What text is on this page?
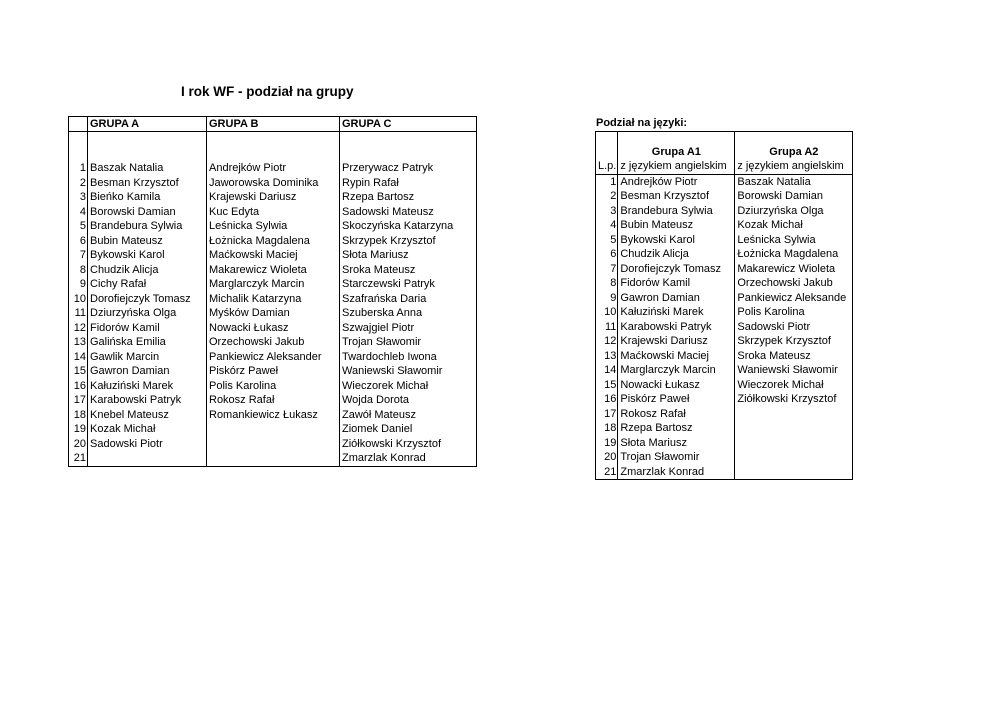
I rok WF - podział na grupy
	GRUPA A	GRUPA B	GRUPA C

1	Baszak Natalia	Andrejków Piotr	Przerywacz Patryk
2	Besman Krzysztof	Jaworowska Dominika	Rypin Rafał
3	Bieńko Kamila	Krajewski Dariusz	Rzepa Bartosz
4	Borowski Damian	Kuc Edyta	Sadowski Mateusz
5	Brandebura Sylwia	Leśnicka Sylwia	Skoczyńska Katarzyna
6	Bubin Mateusz	Łożnicka Magdalena	Skrzypek Krzysztof
7	Bykowski Karol	Maćkowski Maciej	Słota Mariusz
8	Chudzik Alicja	Makarewicz Wioleta	Sroka Mateusz
9	Cichy Rafał	Marglarczyk Marcin	Starczewski Patryk
10	Dorofiejczyk Tomasz	Michalik Katarzyna	Szafrańska Daria
11	Dziurzyńska Olga	Myśków Damian	Szuberska Anna
12	Fidorów Kamil	Nowacki Łukasz	Szwajgiel Piotr
13	Galińska Emilia	Orzechowski Jakub	Trojan Sławomir
14	Gawlik Marcin	Pankiewicz Aleksander	Twardochleb Iwona
15	Gawron Damian	Piskórz Paweł	Waniewski Sławomir
16	Kałuziński Marek	Polis Karolina	Wieczorek Michał
17	Karabowski Patryk	Rokosz Rafał	Wojda Dorota
18	Knebel Mateusz	Romankiewicz Łukasz	Zawół Mateusz
19	Kozak Michał		Ziomek Daniel
20	Sadowski Piotr		Ziółkowski Krzysztof
21			Zmarzlak Konrad
Podział na języki:
	Grupa A1	Grupa A2
L.p.	z językiem angielskim	z językiem angielskim
1	Andrejków Piotr	Baszak Natalia
2	Besman Krzysztof	Borowski Damian
3	Brandebura Sylwia	Dziurzyńska Olga
4	Bubin Mateusz	Kozak Michał
5	Bykowski Karol	Leśnicka Sylwia
6	Chudzik Alicja	Łożnicka Magdalena
7	Dorofiejczyk Tomasz	Makarewicz Wioleta
8	Fidorów Kamil	Orzechowski Jakub
9	Gawron Damian	Pankiewicz Aleksande
10	Kałuziński Marek	Polis Karolina
11	Karabowski Patryk	Sadowski Piotr
12	Krajewski Dariusz	Skrzypek Krzysztof
13	Maćkowski Maciej	Sroka Mateusz
14	Marglarczyk Marcin	Waniewski Sławomir
15	Nowacki Łukasz	Wieczorek Michał
16	Piskórz Paweł	Ziółkowski Krzysztof
17	Rokosz Rafał	
18	Rzepa Bartosz	
19	Słota Mariusz	
20	Trojan Sławomir	
21	Zmarzlak Konrad	
